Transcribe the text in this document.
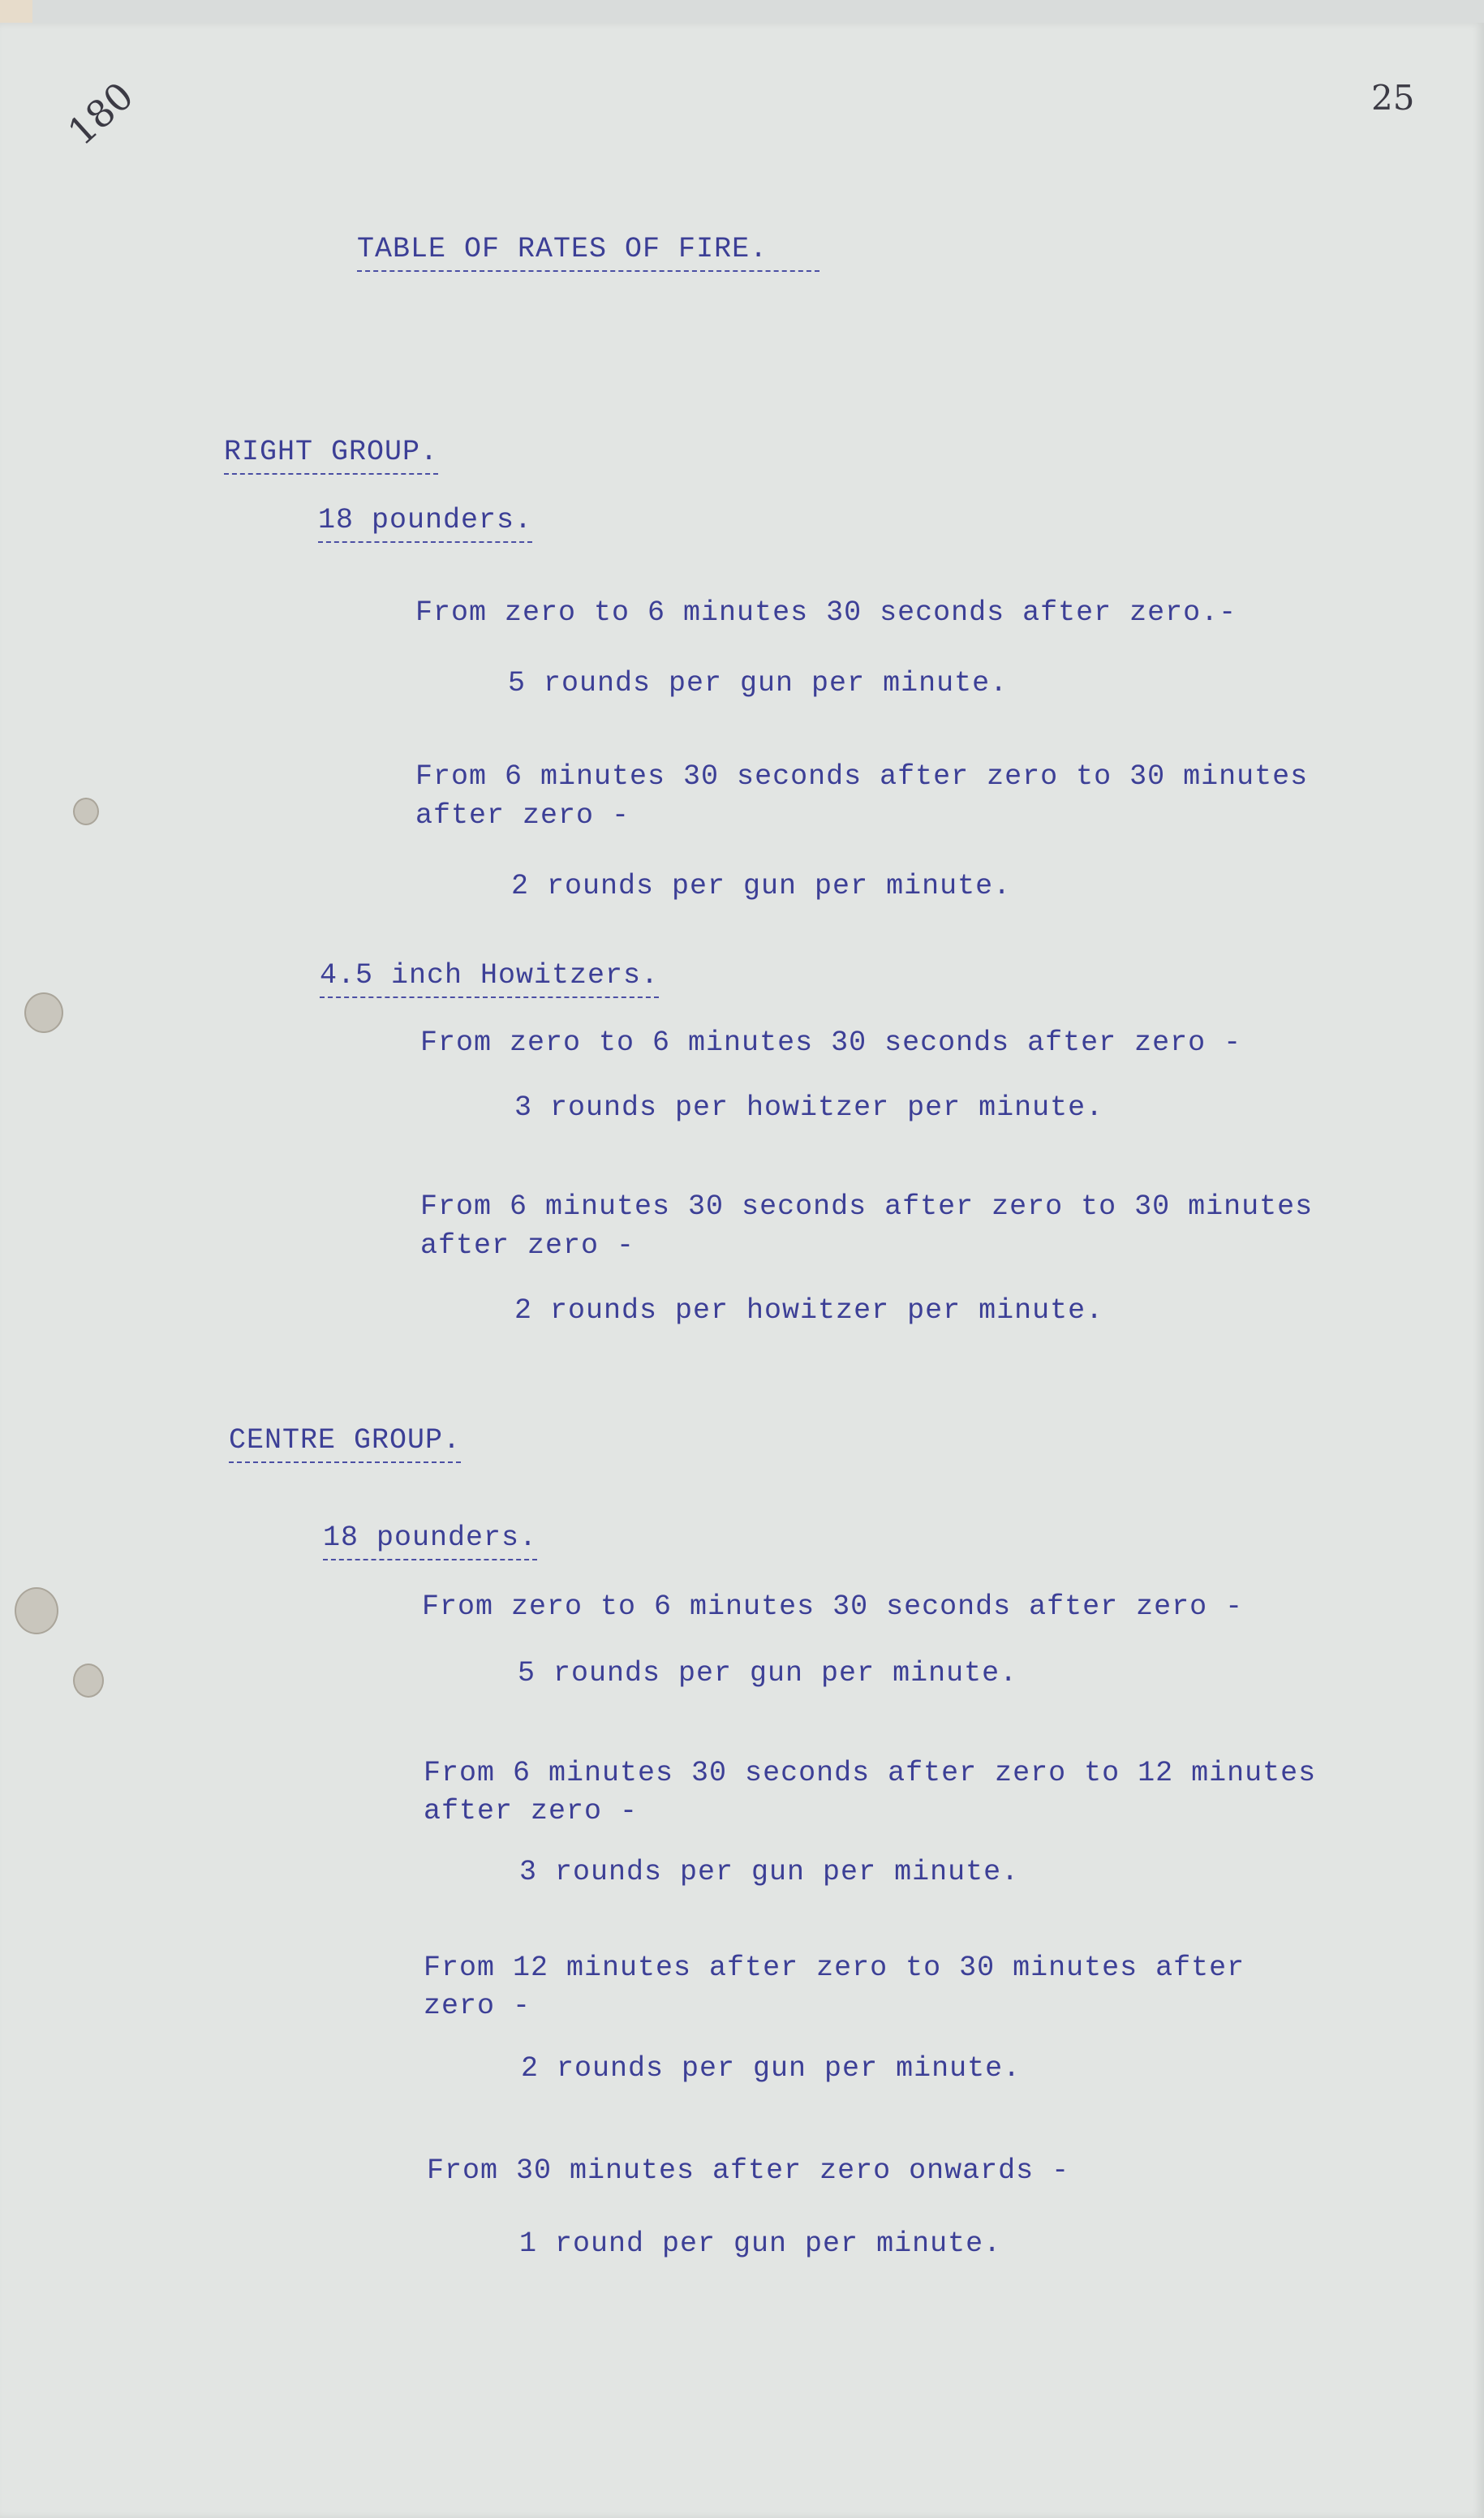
180	25
TABLE OF RATES OF FIRE.
RIGHT GROUP.
18 pounders.
From zero to 6 minutes 30 seconds after zero.-
5 rounds per gun per minute.
From 6 minutes 30 seconds after zero to 30 minutes
after zero -
2 rounds per gun per minute.
4.5 inch Howitzers.
From zero to 6 minutes 30 seconds after zero -
3 rounds per howitzer per minute.
From 6 minutes 30 seconds after zero to 30 minutes
after zero -
2 rounds per howitzer per minute.
CENTRE GROUP.
18 pounders.
From zero to 6 minutes 30 seconds after zero -
5 rounds per gun per minute.
From 6 minutes 30 seconds after zero to 12 minutes
after zero -
3 rounds per gun per minute.
From 12 minutes after zero to 30 minutes after
zero -
2 rounds per gun per minute.
From 30 minutes after zero onwards -
1 round per gun per minute.
